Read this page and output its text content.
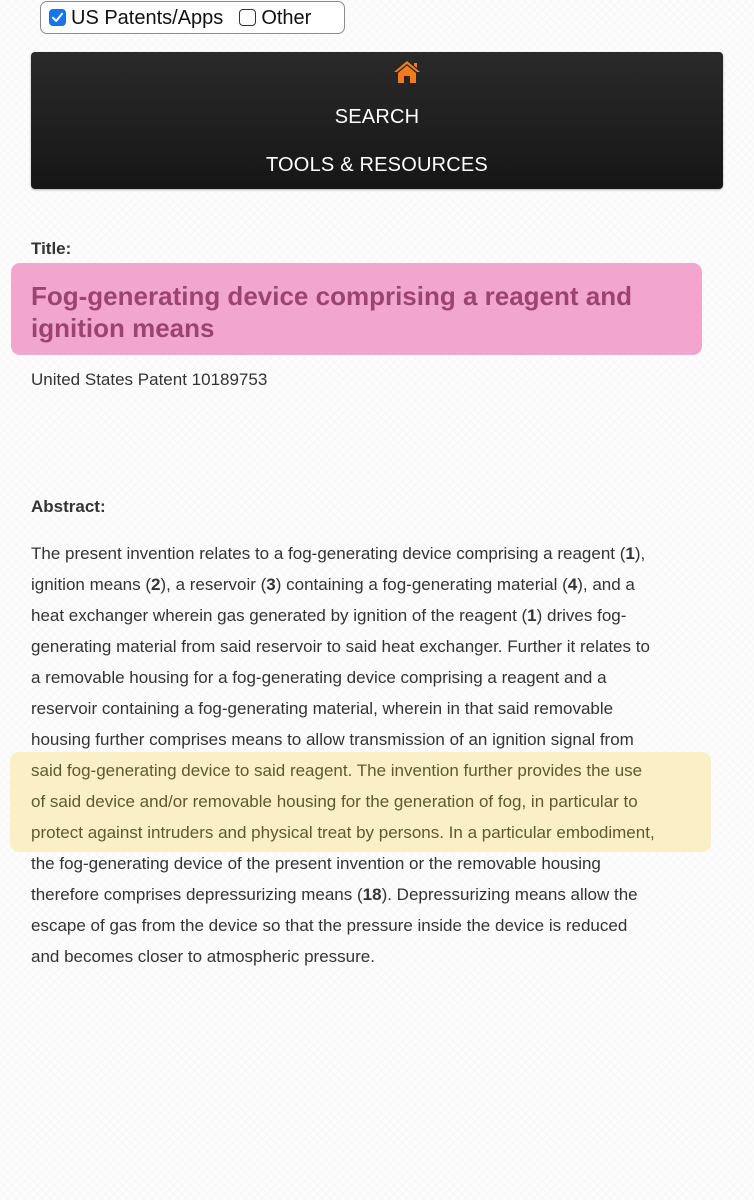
US Patents/Apps Other
SEARCH
TOOLS & RESOURCES
Title:
Fog-generating device comprising a reagent and
ignition means
United States Patent 10189753
Abstract:
The present invention relates to a fog-generating device comprising a reagent (1),
ignition means (2), a reservoir (3) containing a fog-generating material (4), and a
heat exchanger wherein gas generated by ignition of the reagent (1) drives fog-
generating material from said reservoir to said heat exchanger. Further it relates to
a removable housing for a fog-generating device comprising a reagent and a
reservoir containing a fog-generating material, wherein in that said removable
housing further comprises means to allow transmission of an ignition signal from
said fog-generating device to said reagent. The invention further provides the use
of said device and/or removable housing for the generation of fog, in particular to
protect against intruders and physical treat by persons. In a particular embodiment,
the fog-generating device of the present invention or the removable housing
therefore comprises depressurizing means (18). Depressurizing means allow the
escape of gas from the device so that the pressure inside the device is reduced
and becomes closer to atmospheric pressure.
